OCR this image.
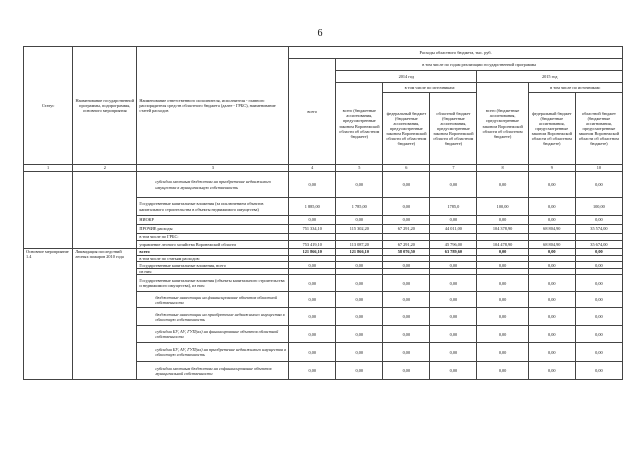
6
Статус	Наименование государственной программы, подпрограммы, основного мероприятия	Наименование ответственного исполнителя, исполнителя - главного распорядителя средств областного бюджета (далее - ГРБС), наименование статей расходов	Расходы областного бюджета, тыс. руб.						
			всего	в том числе по годам реализации государственной программы					
				2014 год			2015 год		
				всего (бюджетные ассигнования, предусмотренные законом Воронежской области об областном бюджете)	в том числе по источникам:		всего (бюджетные ассигнования, предусмотренные законом Воронежской области об областном бюджете)	в том числе по источникам:	
					федеральный бюджет (бюджетные ассигнования, предусмотренные законом Воронежской области об областном бюджете)	областной бюджет (бюджетные ассигнования, предусмотренные законом Воронежской области об областном бюджете)		федеральный бюджет (бюджетные ассигнования, предусмотренные законом Воронежской области об областном бюджете)	областной бюджет (бюджетные ассигнования, предусмотренные законом Воронежской области об областном бюджете)
1	2	3	4	5	6	7	8	9	10
		субсидии местным бюджетам на приобретение недвижимого имущества в муниципальную собственность	0,00	0,00	0,00	0,00	0,00	0,00	0,00
		Государственные капитальные вложения (за исключением объектов капитального строительства в объекты недвижимого имущества)	1 885,00	1 785,00	0,00	1785,0	100,00	0,00	100,00
		НИОКР	0,00	0,00	0,00	0,00	0,00	0,00	0,00
		ПРОЧИЕ расходы	751 334,10	115 302,20	67 291,20	44 011,00	104 378,90	68 804,90	35 574,00
		в том числе по ГРБС:							
		управление лесного хозяйства Воронежской области	753 419,10	113 087,20	67 291,20	45 796,00	104 478,90	68 804,90	35 674,00
Основное мероприятие 1.4	Ликвидация последствий лесных пожаров 2010 года	всего	121 866,10	121 866,10	58 076,50	63 789,60	0,00	0,00	0,00
		в том числе по статьям расходов:							
		Государственные капитальные вложения, всего	0,00	0,00	0,00	0,00	0,00	0,00	0,00
		из них:							
		Государственные капитальные вложения (объекты капитального строительства и недвижимого имущества), из них:	0,00	0,00	0,00	0,00	0,00	0,00	0,00
		бюджетные инвестиции на финансирование объектов областной собственности	0,00	0,00	0,00	0,00	0,00	0,00	0,00
		бюджетные инвестиции на приобретение недвижимого имущества в областную собственность	0,00	0,00	0,00	0,00	0,00	0,00	0,00
		субсидии БУ, АУ, ГУП(ах) на финансирование объектов областной собственности	0,00	0,00	0,00	0,00	0,00	0,00	0,00
		субсидии БУ, АУ, ГУП(ах) на приобретение недвижимого имущества в областную собственность	0,00	0,00	0,00	0,00	0,00	0,00	0,00
		субсидии местным бюджетам на софинансирование объектов муниципальной собственности	0,00	0,00	0,00	0,00	0,00	0,00	0,00
